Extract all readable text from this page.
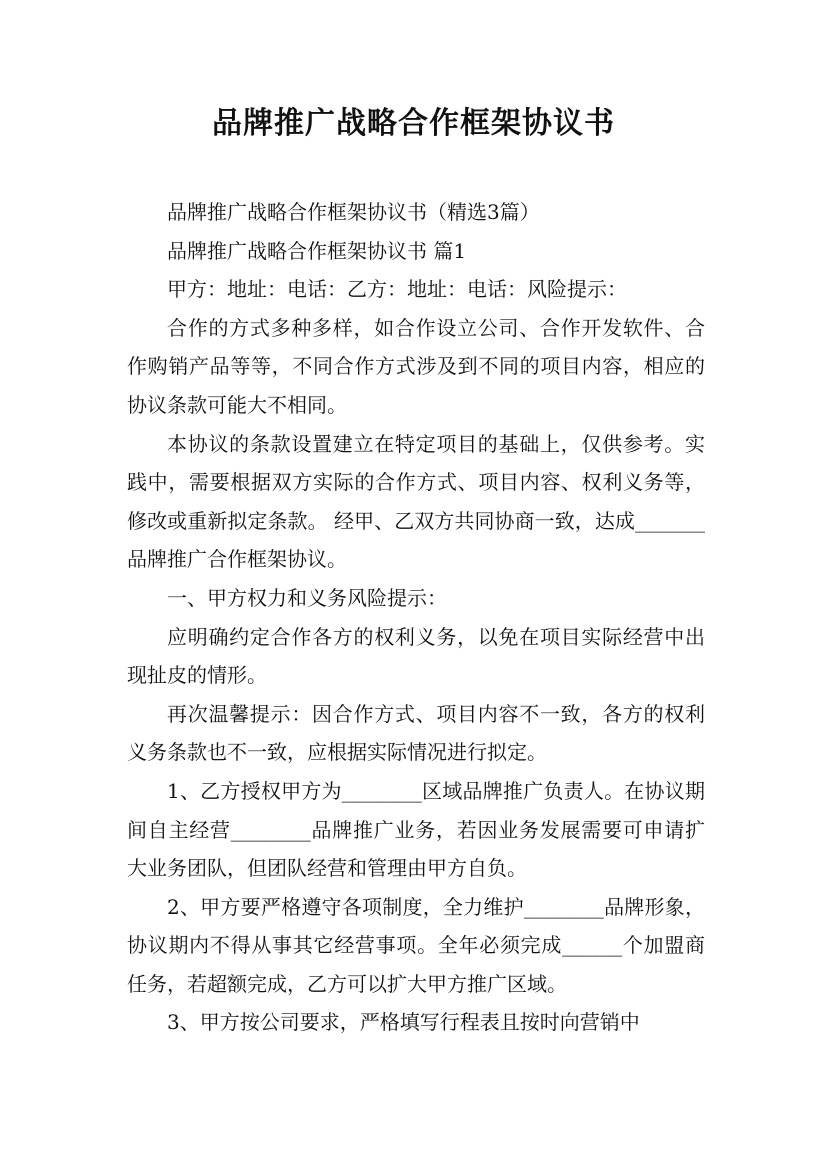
品牌推广战略合作框架协议书

品牌推广战略合作框架协议书（精选3篇）

品牌推广战略合作框架协议书 篇1

甲方：地址：电话：乙方：地址：电话：风险提示：

合作的方式多种多样，如合作设立公司、合作开发软件、合作购销产品等等，不同合作方式涉及到不同的项目内容，相应的协议条款可能大不相同。

本协议的条款设置建立在特定项目的基础上，仅供参考。实践中，需要根据双方实际的合作方式、项目内容、权利义务等，修改或重新拟定条款。 经甲、乙双方共同协商一致，达成_______品牌推广合作框架协议。

一、甲方权力和义务风险提示：

应明确约定合作各方的权利义务，以免在项目实际经营中出现扯皮的情形。

再次温馨提示：因合作方式、项目内容不一致，各方的权利义务条款也不一致，应根据实际情况进行拟定。

1、乙方授权甲方为________区域品牌推广负责人。在协议期间自主经营________品牌推广业务，若因业务发展需要可申请扩大业务团队，但团队经营和管理由甲方自负。

2、甲方要严格遵守各项制度，全力维护________品牌形象，协议期内不得从事其它经营事项。全年必须完成______个加盟商任务，若超额完成，乙方可以扩大甲方推广区域。

3、甲方按公司要求，严格填写行程表且按时向营销中
